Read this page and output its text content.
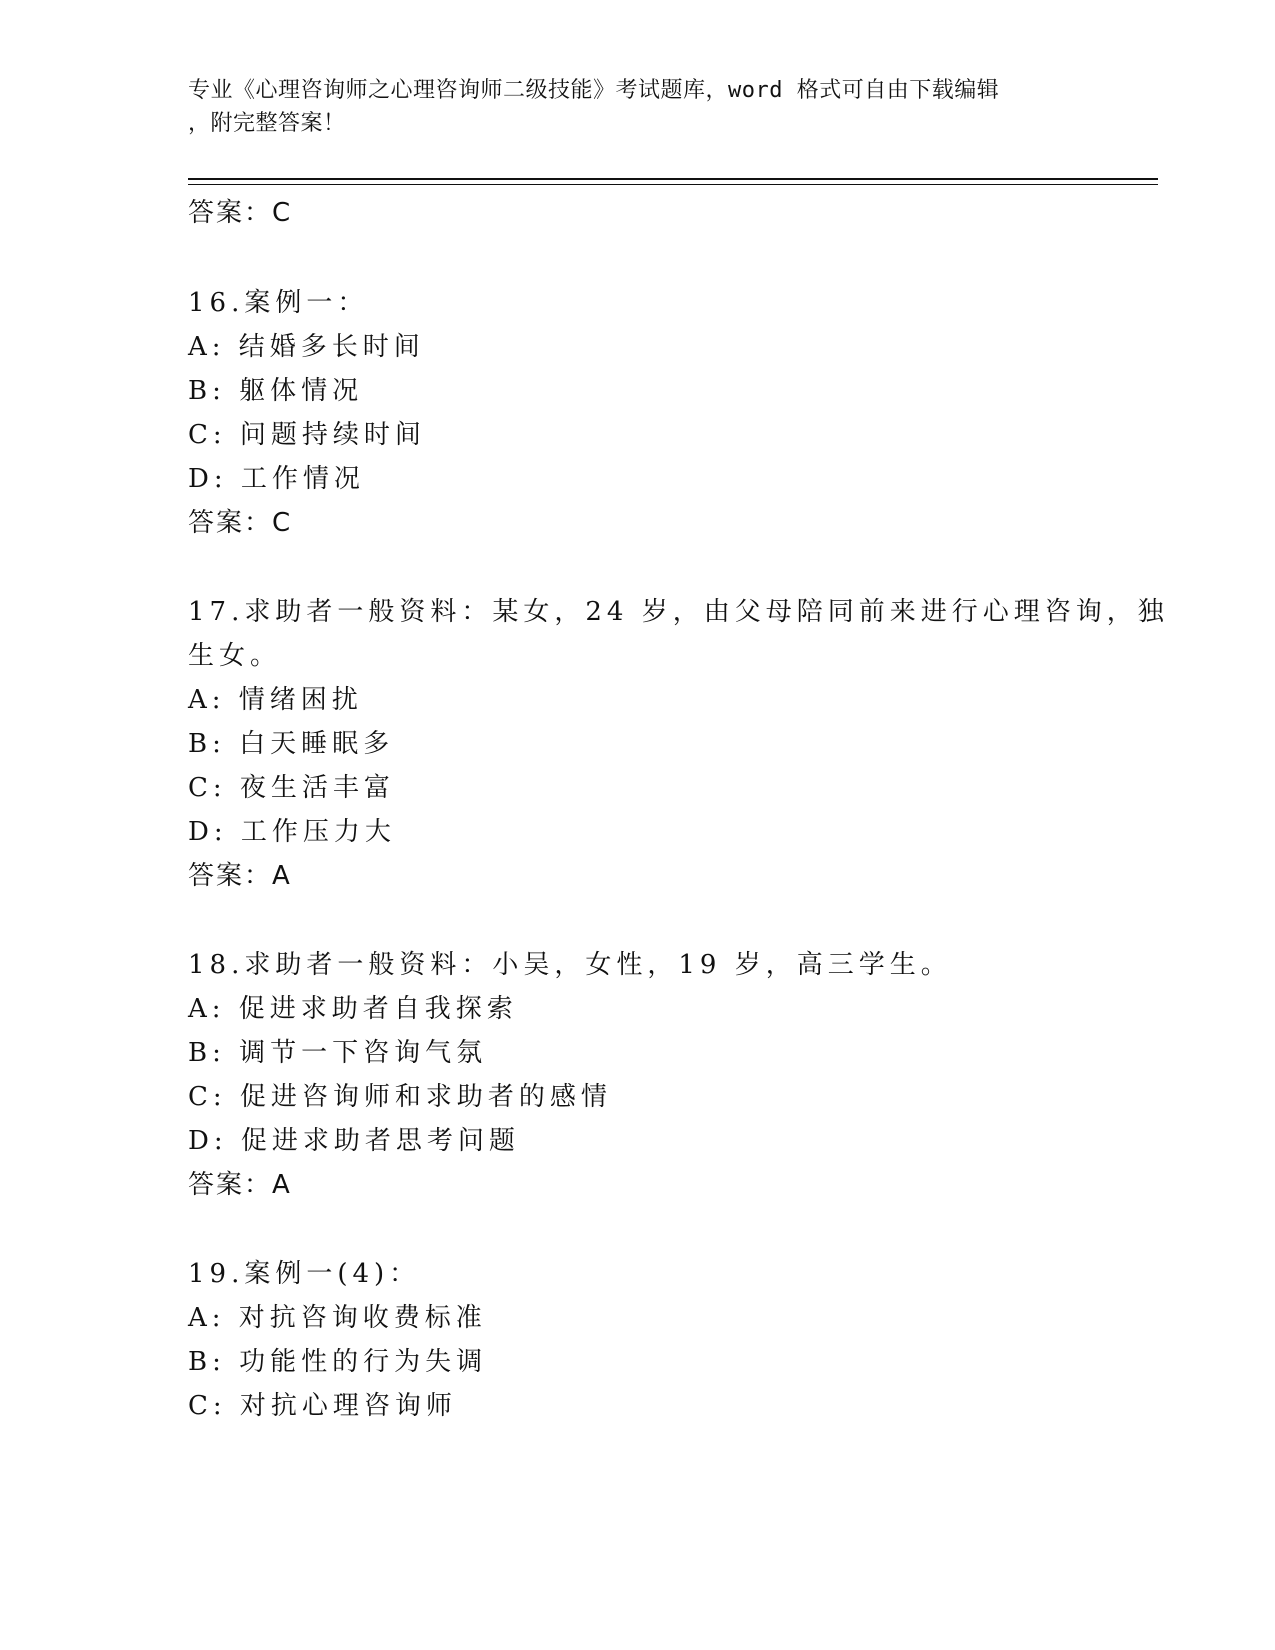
专业《心理咨询师之心理咨询师二级技能》考试题库，word 格式可自由下载编辑
，附完整答案！
答案：C
16.案例一：
A: 结婚多长时间
B: 躯体情况
C: 问题持续时间
D: 工作情况
答案：C
17.求助者一般资料：某女，24 岁，由父母陪同前来进行心理咨询，独
生女。
A: 情绪困扰
B: 白天睡眠多
C: 夜生活丰富
D: 工作压力大
答案：A
18.求助者一般资料：小吴，女性，19 岁，高三学生。
A: 促进求助者自我探索
B: 调节一下咨询气氛
C: 促进咨询师和求助者的感情
D: 促进求助者思考问题
答案：A
19.案例一(4)：
A: 对抗咨询收费标准
B: 功能性的行为失调
C: 对抗心理咨询师
